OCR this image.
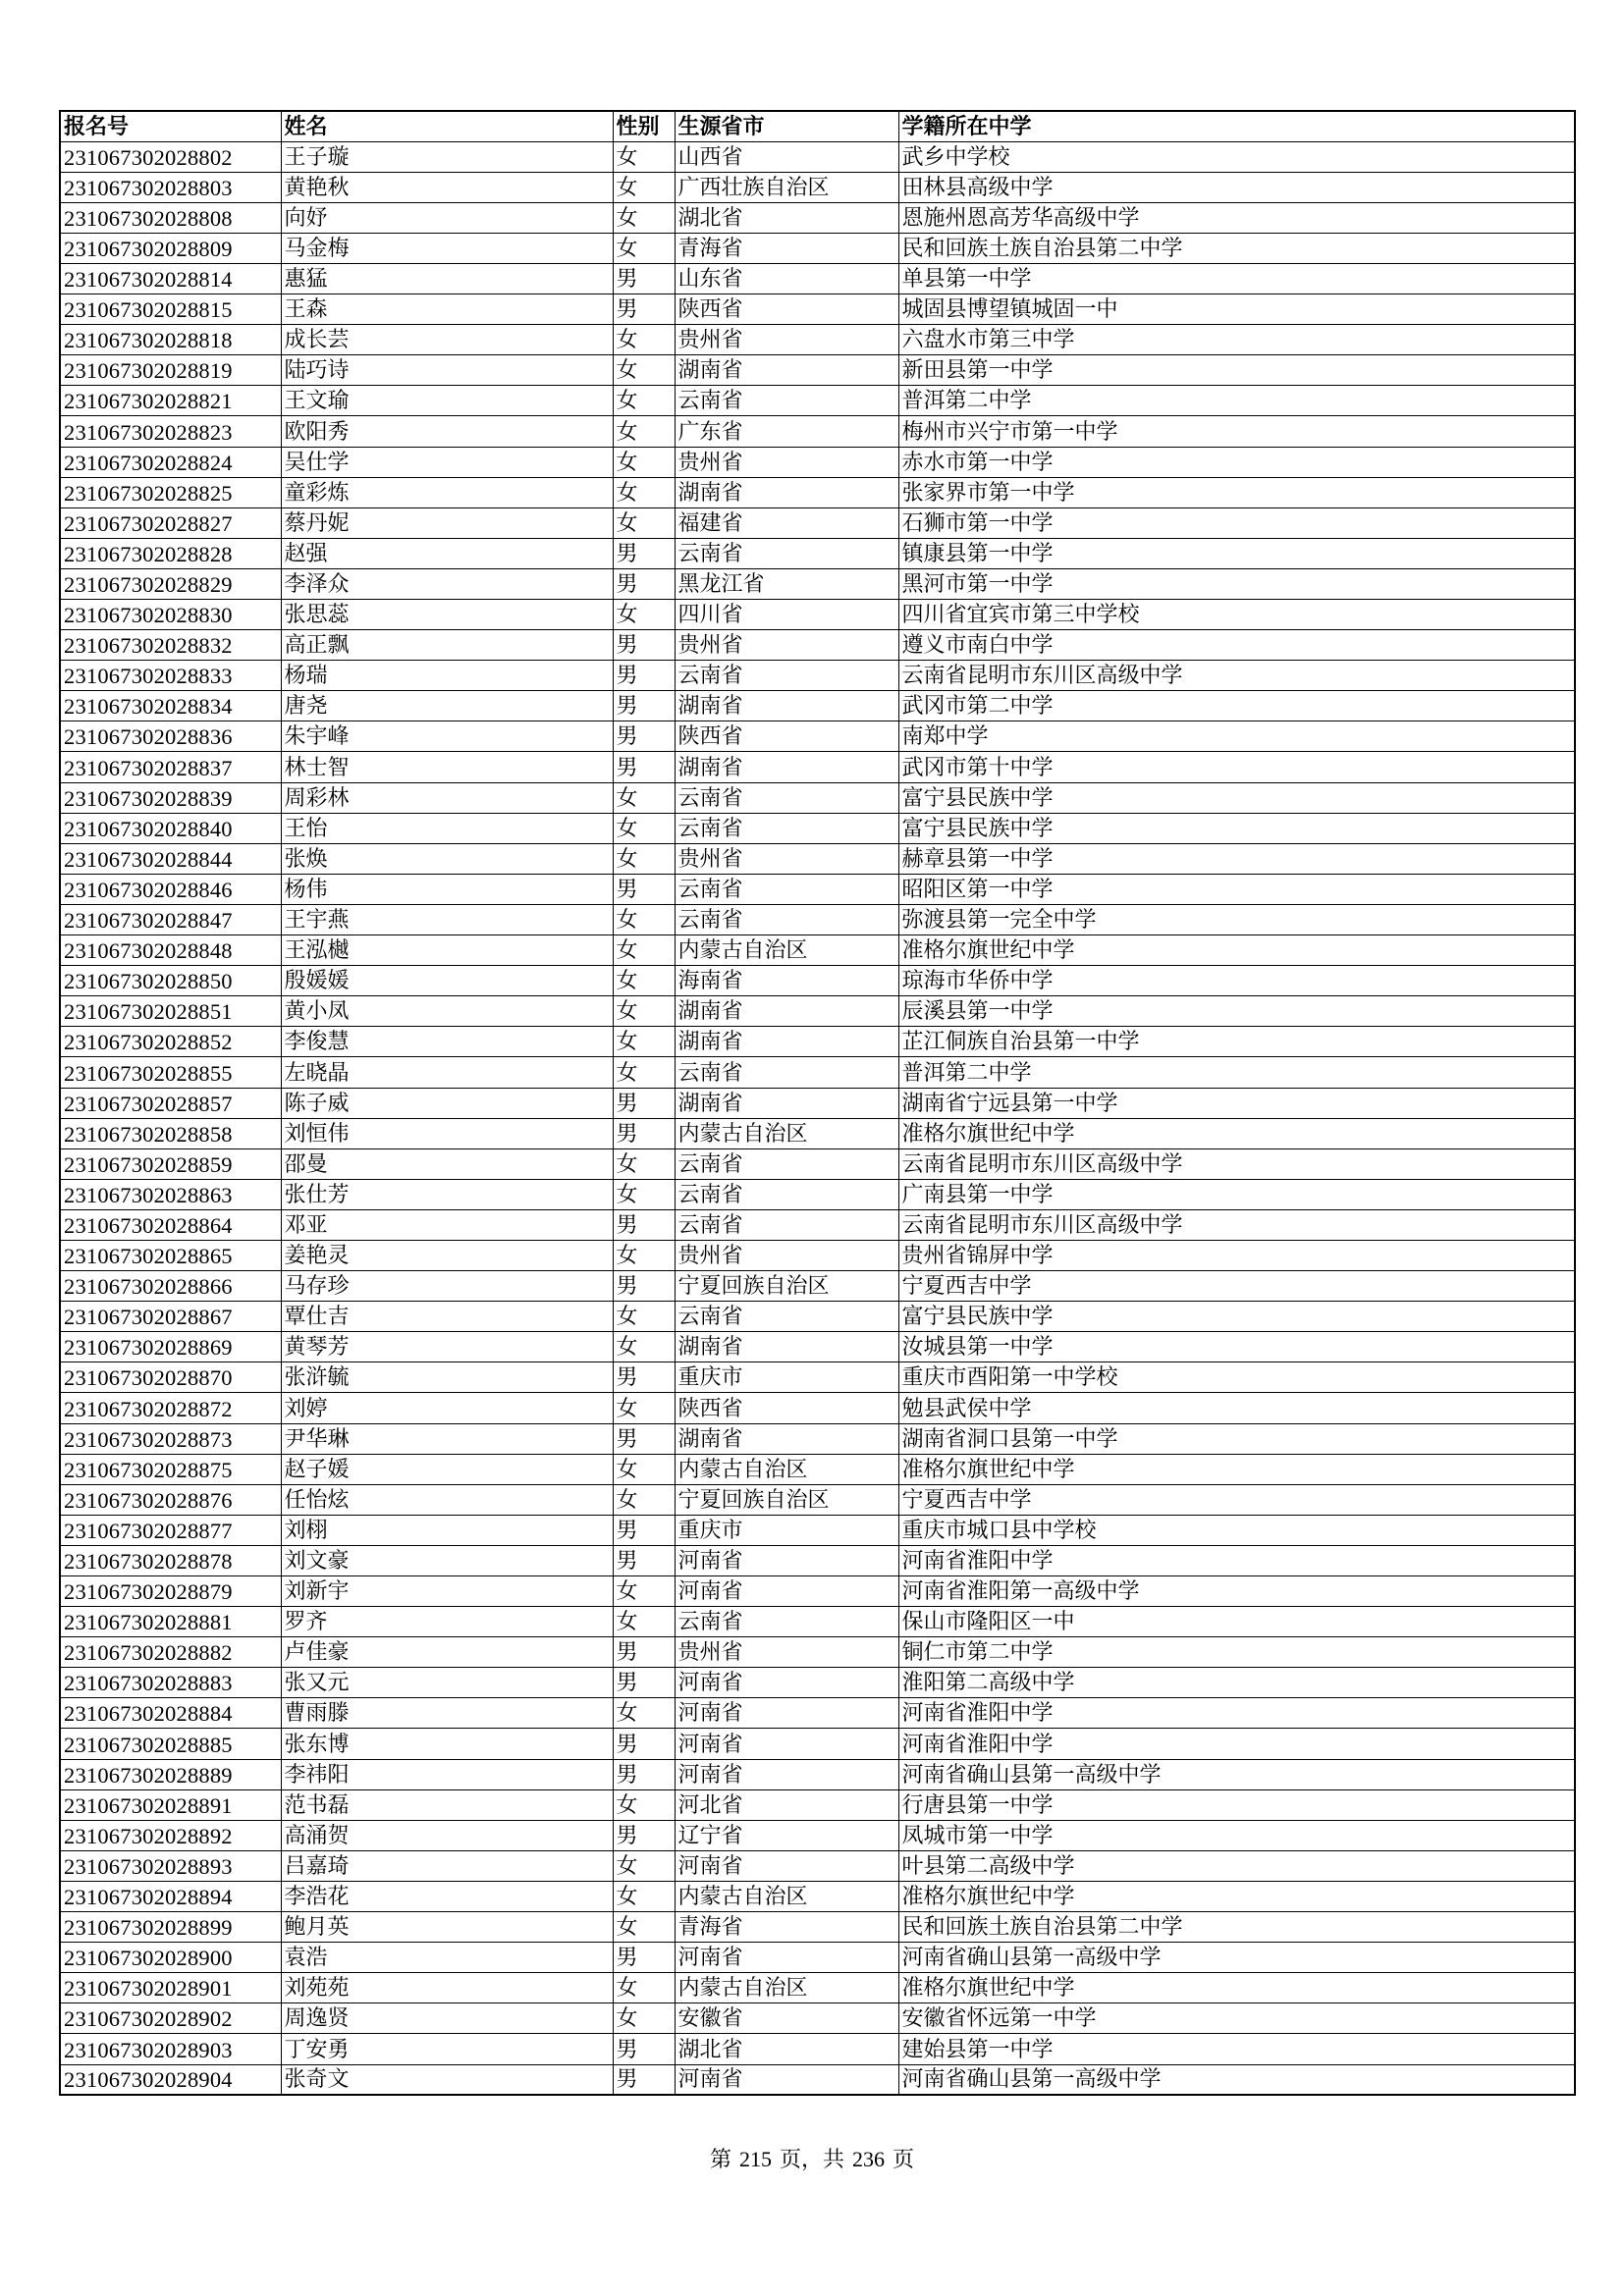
报名号	姓名	性别	生源省市	学籍所在中学
231067302028802	王子璇	女	山西省	武乡中学校
231067302028803	黄艳秋	女	广西壮族自治区	田林县高级中学
231067302028808	向妤	女	湖北省	恩施州恩高芳华高级中学
231067302028809	马金梅	女	青海省	民和回族土族自治县第二中学
231067302028814	惠猛	男	山东省	单县第一中学
231067302028815	王森	男	陕西省	城固县博望镇城固一中
231067302028818	成长芸	女	贵州省	六盘水市第三中学
231067302028819	陆巧诗	女	湖南省	新田县第一中学
231067302028821	王文瑜	女	云南省	普洱第二中学
231067302028823	欧阳秀	女	广东省	梅州市兴宁市第一中学
231067302028824	吴仕学	女	贵州省	赤水市第一中学
231067302028825	童彩炼	女	湖南省	张家界市第一中学
231067302028827	蔡丹妮	女	福建省	石狮市第一中学
231067302028828	赵强	男	云南省	镇康县第一中学
231067302028829	李泽众	男	黑龙江省	黑河市第一中学
231067302028830	张思蕊	女	四川省	四川省宜宾市第三中学校
231067302028832	高正飘	男	贵州省	遵义市南白中学
231067302028833	杨瑞	男	云南省	云南省昆明市东川区高级中学
231067302028834	唐尧	男	湖南省	武冈市第二中学
231067302028836	朱宇峰	男	陕西省	南郑中学
231067302028837	林士智	男	湖南省	武冈市第十中学
231067302028839	周彩林	女	云南省	富宁县民族中学
231067302028840	王怡	女	云南省	富宁县民族中学
231067302028844	张焕	女	贵州省	赫章县第一中学
231067302028846	杨伟	男	云南省	昭阳区第一中学
231067302028847	王宇燕	女	云南省	弥渡县第一完全中学
231067302028848	王泓樾	女	内蒙古自治区	准格尔旗世纪中学
231067302028850	殷媛媛	女	海南省	琼海市华侨中学
231067302028851	黄小凤	女	湖南省	辰溪县第一中学
231067302028852	李俊慧	女	湖南省	芷江侗族自治县第一中学
231067302028855	左晓晶	女	云南省	普洱第二中学
231067302028857	陈子威	男	湖南省	湖南省宁远县第一中学
231067302028858	刘恒伟	男	内蒙古自治区	准格尔旗世纪中学
231067302028859	邵曼	女	云南省	云南省昆明市东川区高级中学
231067302028863	张仕芳	女	云南省	广南县第一中学
231067302028864	邓亚	男	云南省	云南省昆明市东川区高级中学
231067302028865	姜艳灵	女	贵州省	贵州省锦屏中学
231067302028866	马存珍	男	宁夏回族自治区	宁夏西吉中学
231067302028867	覃仕吉	女	云南省	富宁县民族中学
231067302028869	黄琴芳	女	湖南省	汝城县第一中学
231067302028870	张浒毓	男	重庆市	重庆市酉阳第一中学校
231067302028872	刘婷	女	陕西省	勉县武侯中学
231067302028873	尹华琳	男	湖南省	湖南省洞口县第一中学
231067302028875	赵子媛	女	内蒙古自治区	准格尔旗世纪中学
231067302028876	任怡炫	女	宁夏回族自治区	宁夏西吉中学
231067302028877	刘栩	男	重庆市	重庆市城口县中学校
231067302028878	刘文豪	男	河南省	河南省淮阳中学
231067302028879	刘新宇	女	河南省	河南省淮阳第一高级中学
231067302028881	罗齐	女	云南省	保山市隆阳区一中
231067302028882	卢佳豪	男	贵州省	铜仁市第二中学
231067302028883	张又元	男	河南省	淮阳第二高级中学
231067302028884	曹雨滕	女	河南省	河南省淮阳中学
231067302028885	张东博	男	河南省	河南省淮阳中学
231067302028889	李祎阳	男	河南省	河南省确山县第一高级中学
231067302028891	范书磊	女	河北省	行唐县第一中学
231067302028892	高涌贺	男	辽宁省	凤城市第一中学
231067302028893	吕嘉琦	女	河南省	叶县第二高级中学
231067302028894	李浩花	女	内蒙古自治区	准格尔旗世纪中学
231067302028899	鲍月英	女	青海省	民和回族土族自治县第二中学
231067302028900	袁浩	男	河南省	河南省确山县第一高级中学
231067302028901	刘苑苑	女	内蒙古自治区	准格尔旗世纪中学
231067302028902	周逸贤	女	安徽省	安徽省怀远第一中学
231067302028903	丁安勇	男	湖北省	建始县第一中学
231067302028904	张奇文	男	河南省	河南省确山县第一高级中学
第 215 页，共 236 页
